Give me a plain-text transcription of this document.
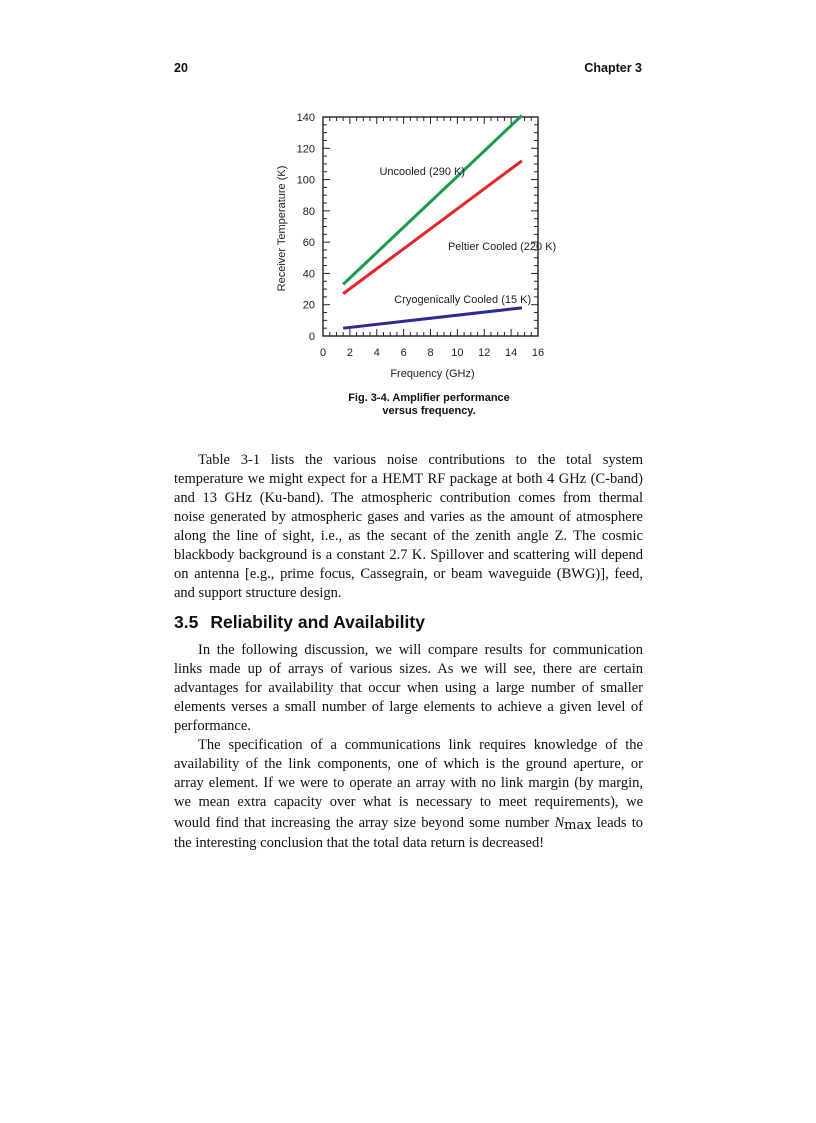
20	Chapter 3
0 2 4 6 8 10 12 14 16
0
20
40
60
80
100
120
140
Frequency (GHz)
Receiver Temperature (K)	Uncooled (290 K)
Peltier Cooled (220 K)
Cryogenically Cooled (15 K)
Fig. 3-4. Amplifier performance
versus frequency.
Table 3-1 lists the various noise contributions to the total system
temperature we might expect for a HEMT RF package at both 4 GHz (C-band)
and 13 GHz (Ku-band). The atmospheric contribution comes from thermal
noise generated by atmospheric gases and varies as the amount of atmosphere
along the line of sight, i.e., as the secant of the zenith angle Z. The cosmic
blackbody background is a constant 2.7 K. Spillover and scattering will depend
on antenna [e.g., prime focus, Cassegrain, or beam waveguide (BWG)], feed,
and support structure design.
3.5 Reliability and Availability
In the following discussion, we will compare results for communication
links made up of arrays of various sizes. As we will see, there are certain
advantages for availability that occur when using a large number of smaller
elements verses a small number of large elements to achieve a given level of
performance.
The specification of a communications link requires knowledge of the
availability of the link components, one of which is the ground aperture, or
array element. If we were to operate an array with no link margin (by margin,
we mean extra capacity over what is necessary to meet requirements), we
would find that increasing the array size beyond some number $N_{max}$ leads to
the interesting conclusion that the total data return is decreased!
